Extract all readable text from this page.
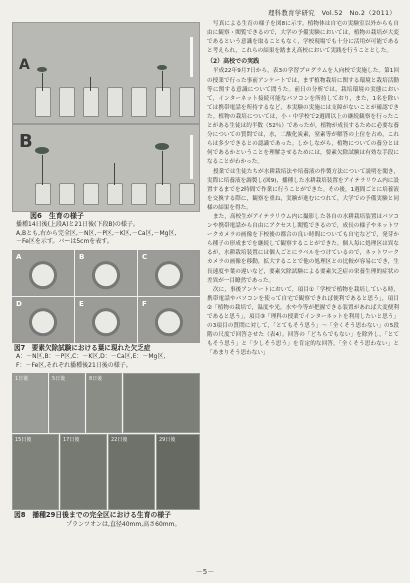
理科教育学研究　Vol.52　No.2（2011）
A
B
図6　生育の様子
播種14日後(上段A)と21日後(下段B)の様子。
A,Bとも,右から完全区,－N区,－P区,－K区,－Ca区,－Mg区,
－Fe区を示す。バーは5cmを表す。
A	B	C
D	E	F
図7　要素欠除試験における葉に現れた欠乏症
A：－N区,B：－P区,C：－K区,D：－Ca区,E：－Mg区,
F：－Fe区,それぞれ播種後21日後の様子。
1日後	5日後	8日後
15日後	17日後	22日後	29日後
図8　播種29日後までの完全区における生育の様子
プランツオンは,直径40mm,高さ60mm。

写真による生育の様子を図8に示す。植物体は自宅の実験室以外からも自由に観察・閲覧できるので，大学の予備実験においては，植物の栽培が大変であるという意識を取ることもなく，学校現場でも十分に活用が可能であると考えられ，これらの結果を踏まえ高校において実践を行うこととした。

（2）高校での実践

平成22年9月7日から，表3の学習プログラムを人向校で実施した。第1回の授業で行った事前アンケートでは，まず植物栽培に関する環境と栽培活動等に関する意識について問うた。前日の分析では，栽培環境の実態において，インターネット接続可能なパソコンを所持しており，また，1名を除いては携帯電話を所持するなど，本実験の実施には支障がないことが確認できた。植物の栽培については，小・中学校で2週間以上の継続観察を行ったことがある生徒は約半数（52％）であったが，植物が成長するために必要な養分についての質問では，水，二酸化炭素，窒素等が解答の上位を占め，これらは多少できるとの認識であった。しかしながら，植物についての養分とは何であるかということを理解させるためには，要素欠除試験は有効な手段になることがわかった。

授業では生徒たちが水耕栽培法や培養液の作製方法について説明を聞き，実際に培養液を調製し(図9)，播種した水耕栽培装置をアイテラリウム内に設置するまでを2時間で作業に行うことができた。その後，1週間ごとに培養液を交換する際に，観察を重ね，実験が進むにつれて，大学での予備実験と同様の結果を得た。

また，高校生がアイテラリウム内に撮影した各自の水耕栽培装置はパソコンや携帯電話から自由にアクセスし閲覧できるので，成長の様子やネットワークカメラの画像を下校後の都合の良い時間についても自宅などで，発芽から種子の形成までを継続して観察することができた。個人毎に処理区は異なるが，水耕栽培装置には個人ごとにラベルをつけているので，ネットワークカメラの画像を移動，拡大することで他の処理区との比較が容易にでき，生長速度や葉の違いなど，要素欠除試験による要素欠乏症の栄養生理的症状の差異が一目瞭然であった。

次に，事後アンケートにおいて，項目①「学校で植物を栽培している時，携帯電話やパソコンを使って自宅で観察できれば便利であると思う」，項目②「植物の栽培で，温度や光，水や今等が把握できる装置があれば大変便利であると思う」，項目③「理科の授業でインターネットを利用したいと思う」の3項目の質問に対して，「とてもそう思う」～「全くそう思わない」の5段階の尺度で回答させた（表4）。回答の「どちらでもない」を除外し，「とてもそう思う」と「少しそう思う」を肯定的な回答，「全くそう思わない」と「あまりそう思わない」

－5－
